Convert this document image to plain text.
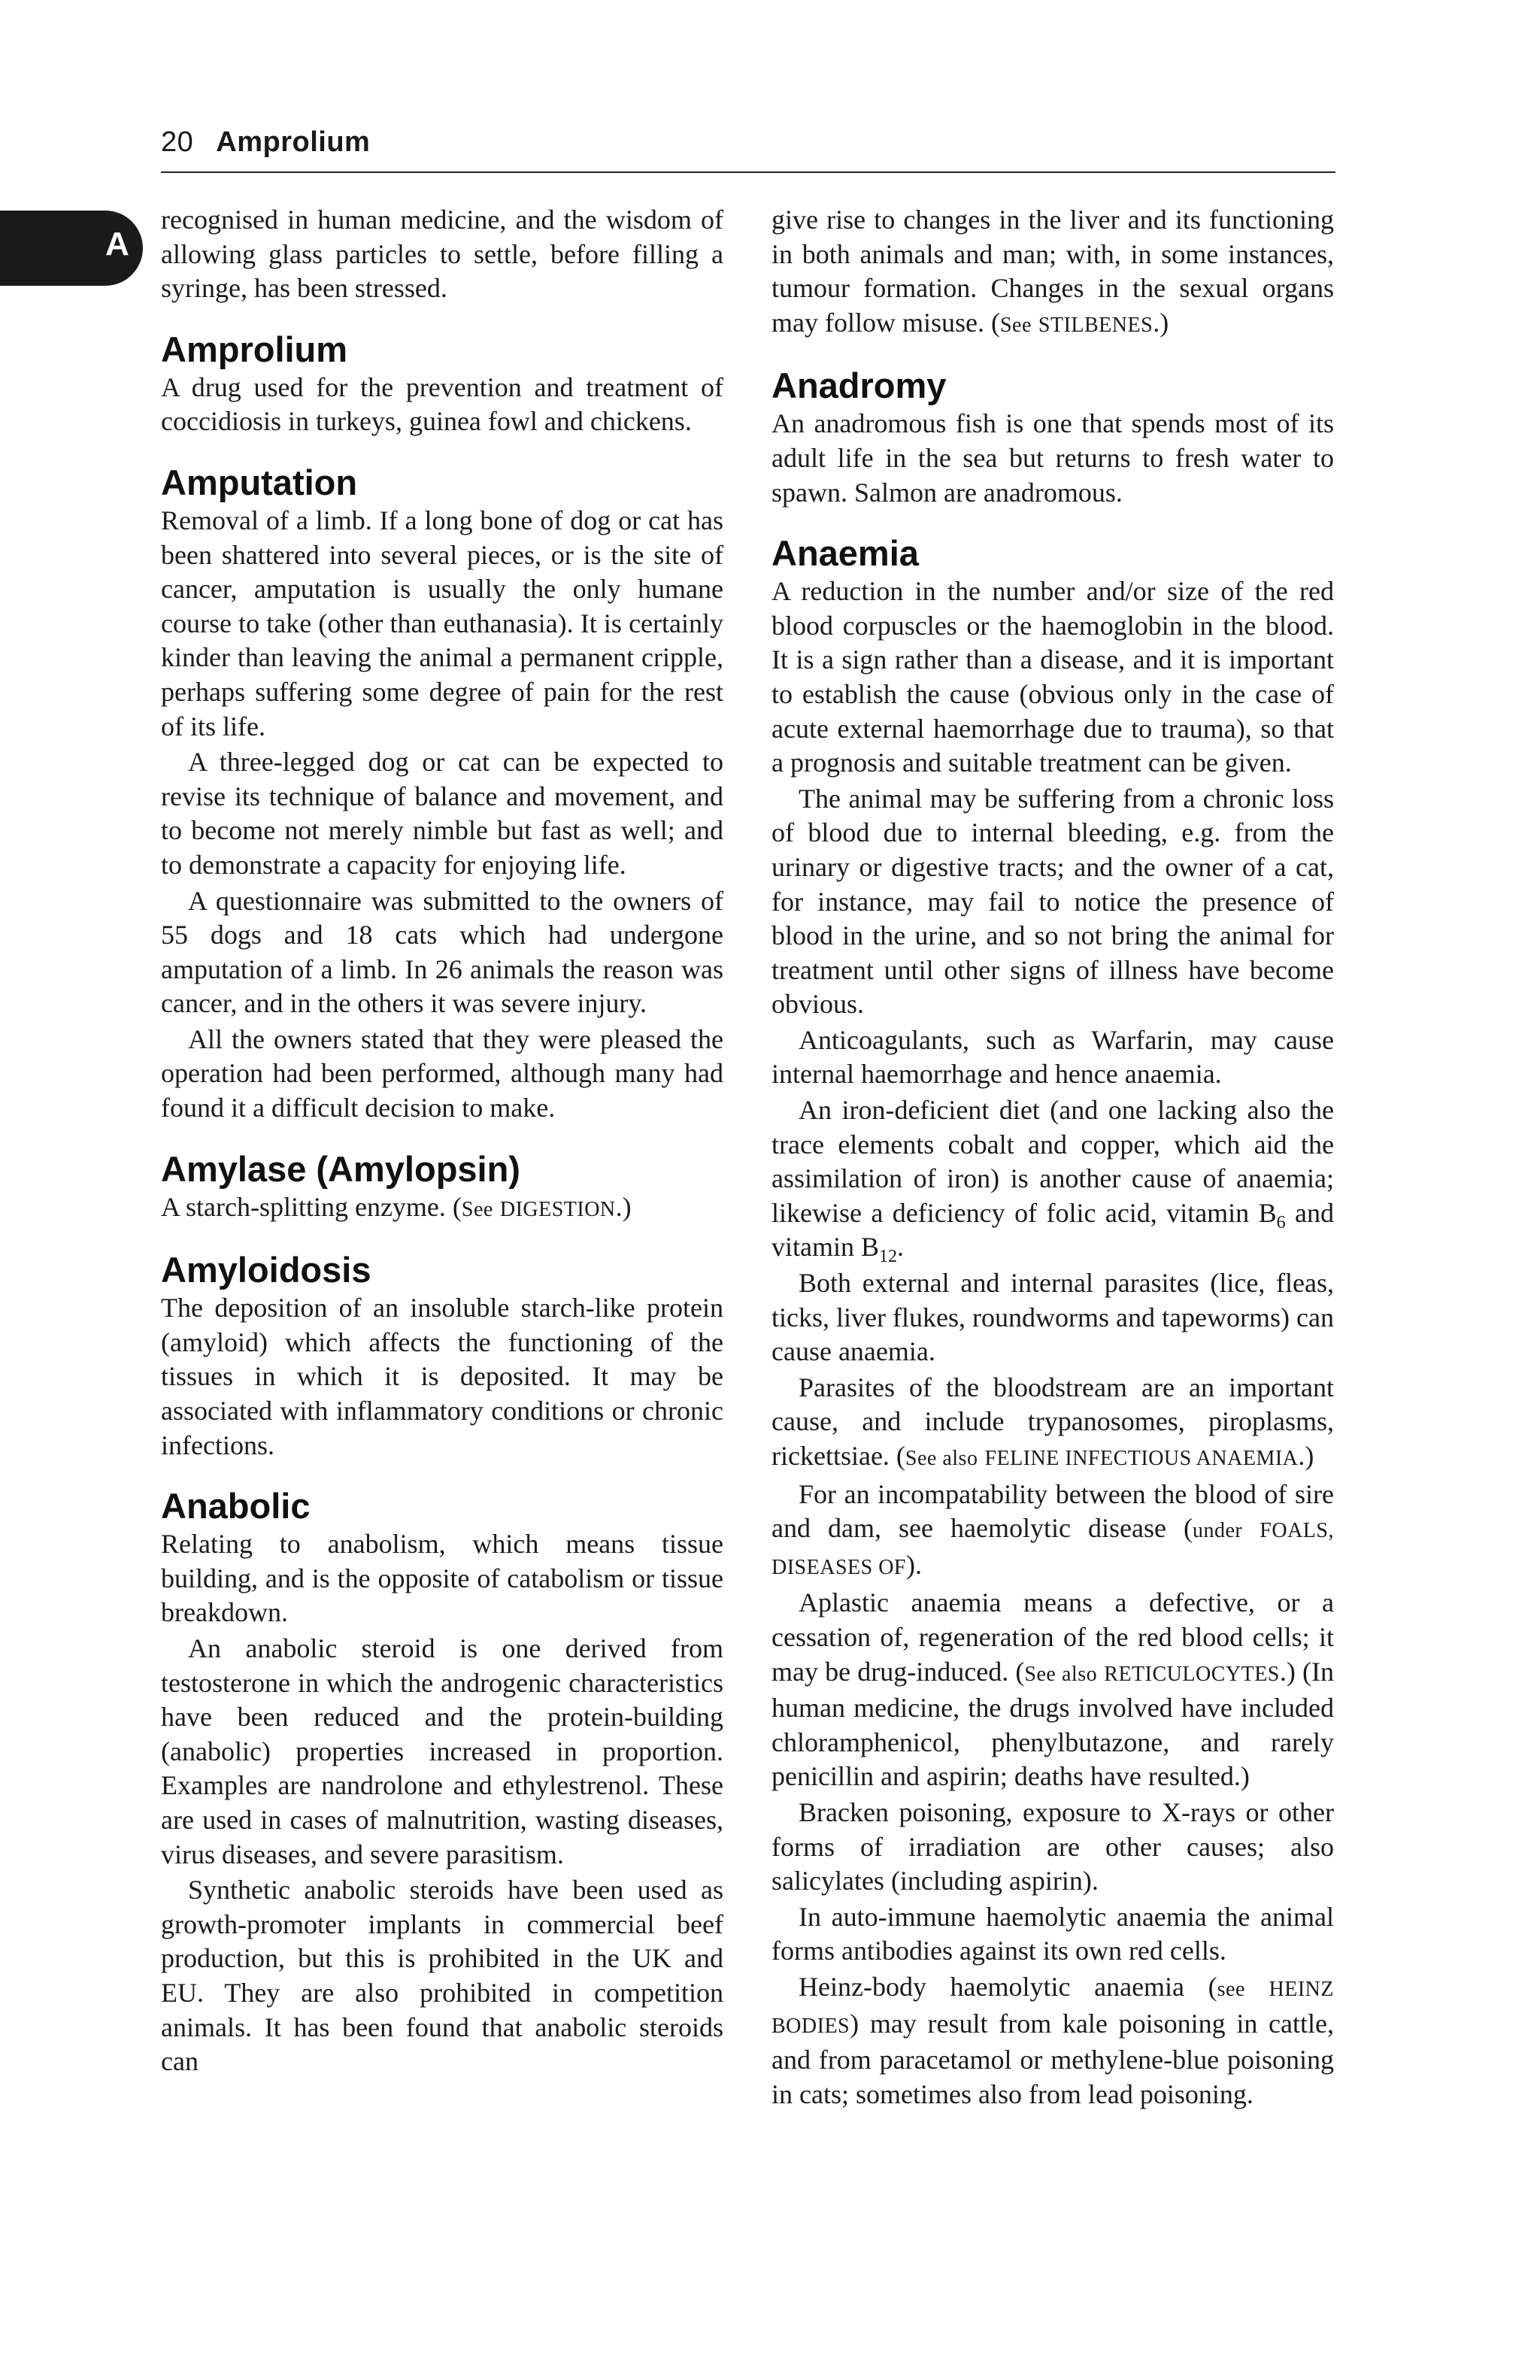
20 Amprolium
A

recognised in human medicine, and the wisdom of allowing glass particles to settle, before filling a syringe, has been stressed.

Amprolium

A drug used for the prevention and treatment of coccidiosis in turkeys, guinea fowl and chickens.

Amputation

Removal of a limb. If a long bone of dog or cat has been shattered into several pieces, or is the site of cancer, amputation is usually the only humane course to take (other than euthanasia). It is certainly kinder than leaving the animal a permanent cripple, perhaps suffering some degree of pain for the rest of its life.

A three-legged dog or cat can be expected to revise its technique of balance and movement, and to become not merely nimble but fast as well; and to demonstrate a capacity for enjoying life.

A questionnaire was submitted to the owners of 55 dogs and 18 cats which had undergone amputation of a limb. In 26 animals the reason was cancer, and in the others it was severe injury.

All the owners stated that they were pleased the operation had been performed, although many had found it a difficult decision to make.

Amylase (Amylopsin)

A starch-splitting enzyme. (See DIGESTION.)

Amyloidosis

The deposition of an insoluble starch-like protein (amyloid) which affects the functioning of the tissues in which it is deposited. It may be associated with inflammatory conditions or chronic infections.

Anabolic

Relating to anabolism, which means tissue building, and is the opposite of catabolism or tissue breakdown.

An anabolic steroid is one derived from testosterone in which the androgenic characteristics have been reduced and the protein-building (anabolic) properties increased in proportion. Examples are nandrolone and ethylestrenol. These are used in cases of malnutrition, wasting diseases, virus diseases, and severe parasitism.

Synthetic anabolic steroids have been used as growth-promoter implants in commercial beef production, but this is prohibited in the UK and EU. They are also prohibited in competition animals. It has been found that anabolic steroids can

give rise to changes in the liver and its functioning in both animals and man; with, in some instances, tumour formation. Changes in the sexual organs may follow misuse. (See STILBENES.)

Anadromy

An anadromous fish is one that spends most of its adult life in the sea but returns to fresh water to spawn. Salmon are anadromous.

Anaemia

A reduction in the number and/or size of the red blood corpuscles or the haemoglobin in the blood. It is a sign rather than a disease, and it is important to establish the cause (obvious only in the case of acute external haemorrhage due to trauma), so that a prognosis and suitable treatment can be given.

The animal may be suffering from a chronic loss of blood due to internal bleeding, e.g. from the urinary or digestive tracts; and the owner of a cat, for instance, may fail to notice the presence of blood in the urine, and so not bring the animal for treatment until other signs of illness have become obvious.

Anticoagulants, such as Warfarin, may cause internal haemorrhage and hence anaemia.

An iron-deficient diet (and one lacking also the trace elements cobalt and copper, which aid the assimilation of iron) is another cause of anaemia; likewise a deficiency of folic acid, vitamin $B_6$ and vitamin $B_{12}$.

Both external and internal parasites (lice, fleas, ticks, liver flukes, roundworms and tapeworms) can cause anaemia.

Parasites of the bloodstream are an important cause, and include trypanosomes, piroplasms, rickettsiae. (See also FELINE INFECTIOUS ANAEMIA.)

For an incompatability between the blood of sire and dam, see haemolytic disease (under FOALS, DISEASES OF).

Aplastic anaemia means a defective, or a cessation of, regeneration of the red blood cells; it may be drug-induced. (See also RETICULOCYTES.) (In human medicine, the drugs involved have included chloramphenicol, phenylbutazone, and rarely penicillin and aspirin; deaths have resulted.)

Bracken poisoning, exposure to X-rays or other forms of irradiation are other causes; also salicylates (including aspirin).

In auto-immune haemolytic anaemia the animal forms antibodies against its own red cells.

Heinz-body haemolytic anaemia (see HEINZ BODIES) may result from kale poisoning in cattle, and from paracetamol or methylene-blue poisoning in cats; sometimes also from lead poisoning.
